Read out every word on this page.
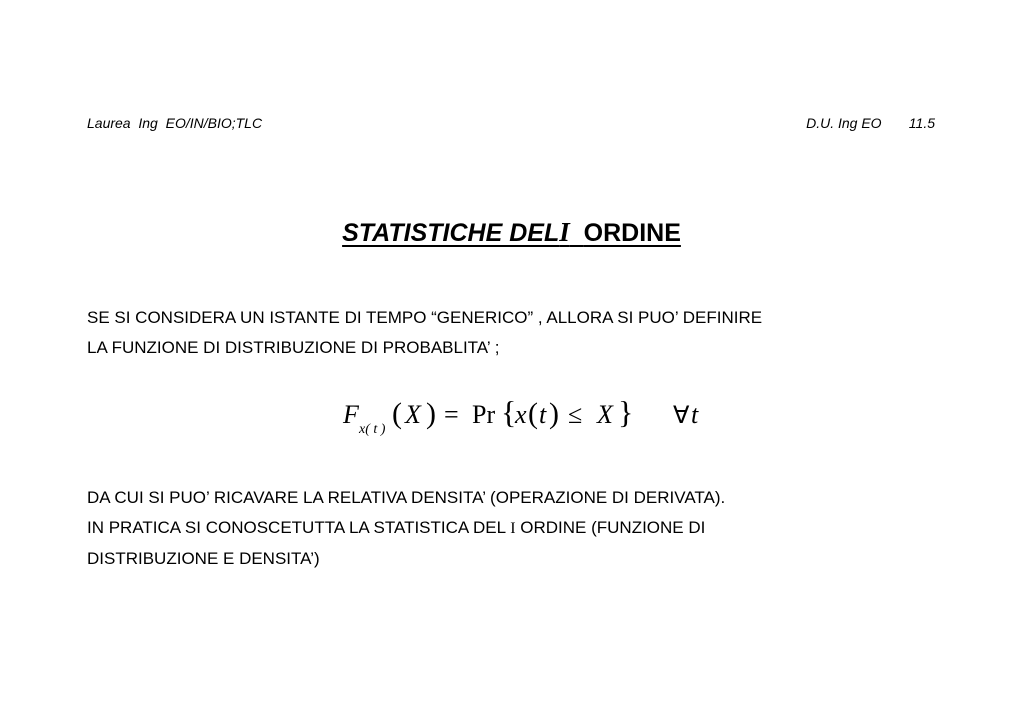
Laurea  Ing  EO/IN/BIO;TLC	D.U. Ing EO 11.5
STATISTICHE DELI ORDINE
SE SI CONSIDERA UN ISTANTE DI TEMPO “GENERICO” , ALLORA SI PUO’ DEFINIRE
LA FUNZIONE DI DISTRIBUZIONE DI PROBABLITA’ ;
F
x( t ) ( X ) = Pr {
x ( t ) ≤ X } ∀ t
DA CUI SI PUO’ RICAVARE LA RELATIVA DENSITA’ (OPERAZIONE DI DERIVATA).
IN PRATICA SI CONOSCETUTTA LA STATISTICA DEL I ORDINE (FUNZIONE DI
DISTRIBUZIONE E DENSITA’)
